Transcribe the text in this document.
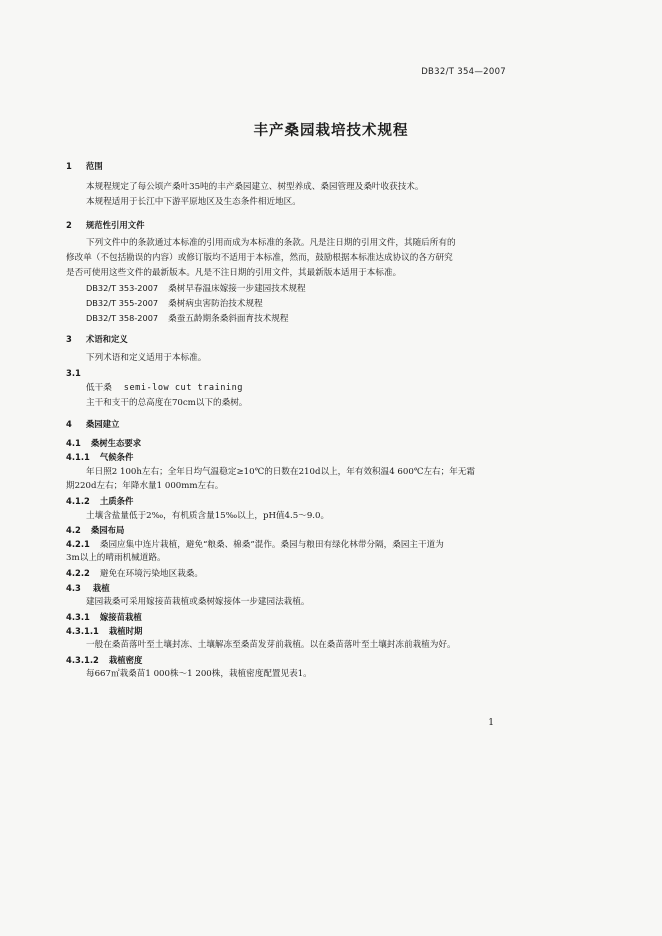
DB32/T 354—2007
丰产桑园栽培技术规程
1 范围
本规程规定了每公顷产桑叶35吨的丰产桑园建立、树型养成、桑园管理及桑叶收获技术。
本规程适用于长江中下游平原地区及生态条件相近地区。
2 规范性引用文件
下列文件中的条款通过本标准的引用而成为本标准的条款。凡是注日期的引用文件，其随后所有的
修改单（不包括勘误的内容）或修订版均不适用于本标准，然而，鼓励根据本标准达成协议的各方研究
是否可使用这些文件的最新版本。凡是不注日期的引用文件，其最新版本适用于本标准。
DB32/T 353-2007 桑树早春温床嫁接一步建园技术规程
DB32/T 355-2007 桑树病虫害防治技术规程
DB32/T 358-2007 桑蚕五龄期条桑斜面育技术规程
3 术语和定义
下列术语和定义适用于本标准。
3.1
低干桑 semi-low cut training
主干和支干的总高度在70cm以下的桑树。
4 桑园建立
4.1 桑树生态要求
4.1.1 气候条件
年日照2 100h左右；全年日均气温稳定≥10℃的日数在210d以上，年有效积温4 600℃左右；年无霜
期220d左右；年降水量1 000mm左右。
4.1.2 土质条件
土壤含盐量低于2‰，有机质含量15‰以上，pH值4.5～9.0。
4.2 桑园布局
4.2.1 桑园应集中连片栽植，避免“粮桑、棉桑”混作。桑园与粮田有绿化林带分隔，桑园主干道为
3m以上的晴雨机械道路。
4.2.2 避免在环境污染地区栽桑。
4.3 栽植
建园栽桑可采用嫁接苗栽植或桑树嫁接体一步建园法栽植。
4.3.1 嫁接苗栽植
4.3.1.1 栽植时期
一般在桑苗落叶至土壤封冻、土壤解冻至桑苗发芽前栽植。以在桑苗落叶至土壤封冻前栽植为好。
4.3.1.2 栽植密度
每667㎡栽桑苗1 000株～1 200株，栽植密度配置见表1。
1
